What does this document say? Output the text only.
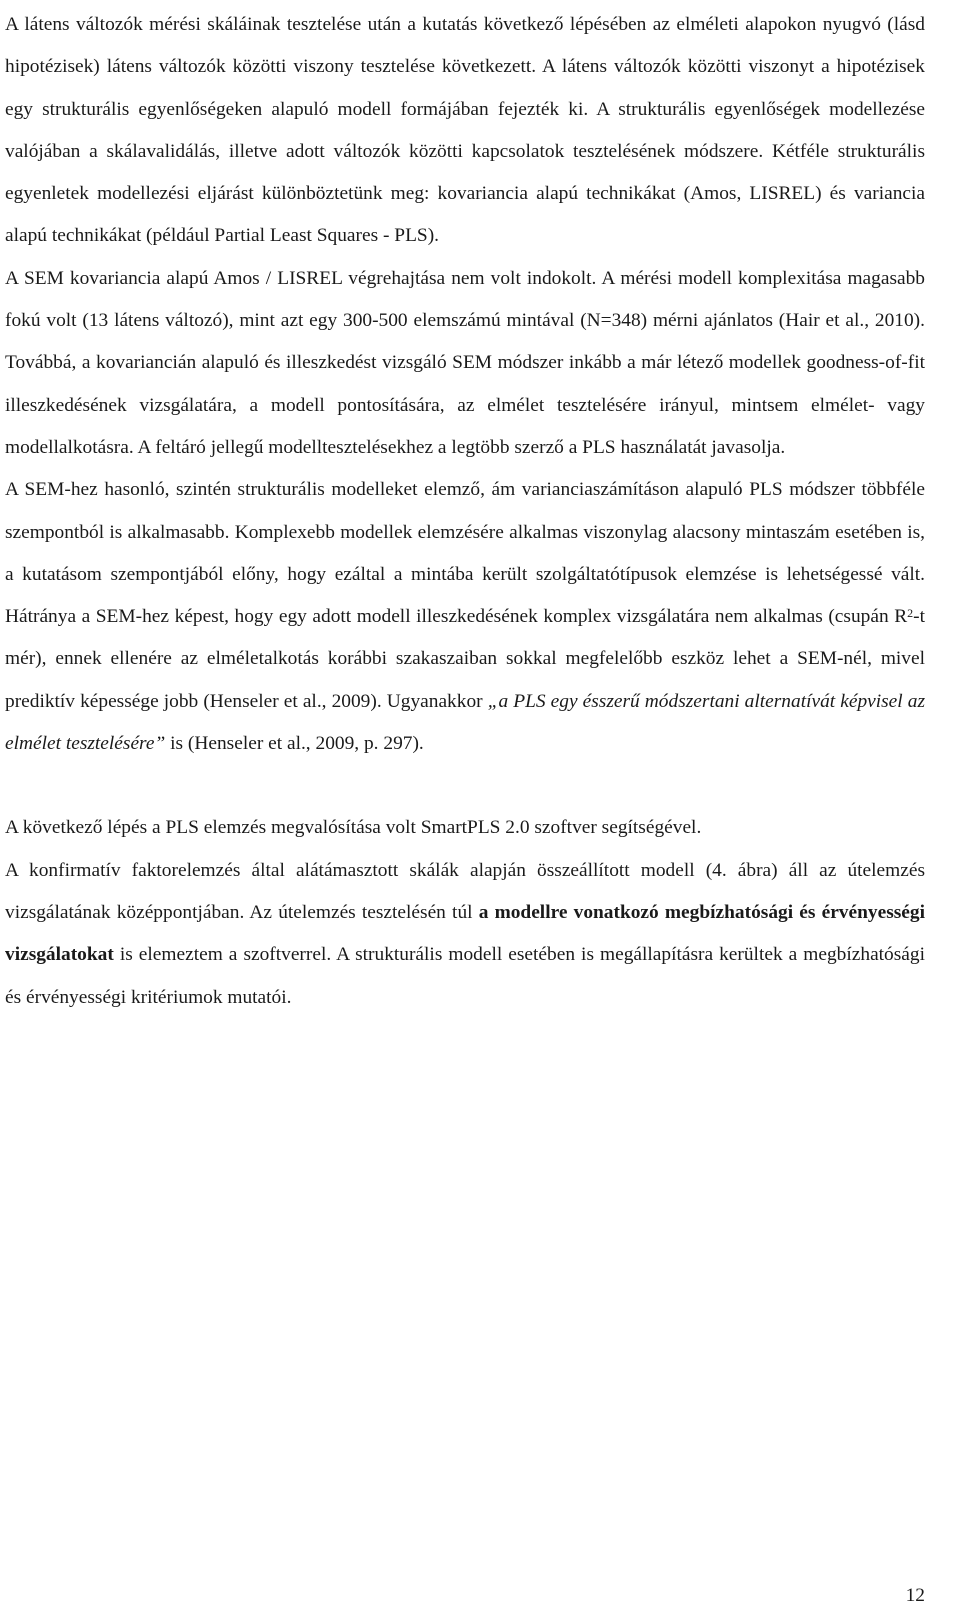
A látens változók mérési skáláinak tesztelése után a kutatás következő lépésében az elméleti alapokon nyugvó (lásd hipotézisek) látens változók közötti viszony tesztelése következett. A látens változók közötti viszonyt a hipotézisek egy strukturális egyenlőségeken alapuló modell formájában fejezték ki. A strukturális egyenlőségek modellezése valójában a skálavalidálás, illetve adott változók közötti kapcsolatok tesztelésének módszere. Kétféle strukturális egyenletek modellezési eljárást különböztetünk meg: kovariancia alapú technikákat (Amos, LISREL) és variancia alapú technikákat (például Partial Least Squares - PLS).

A SEM kovariancia alapú Amos / LISREL végrehajtása nem volt indokolt. A mérési modell komplexitása magasabb fokú volt (13 látens változó), mint azt egy 300-500 elemszámú mintával (N=348) mérni ajánlatos (Hair et al., 2010). Továbbá, a kovariancián alapuló és illeszkedést vizsgáló SEM módszer inkább a már létező modellek goodness-of-fit illeszkedésének vizsgálatára, a modell pontosítására, az elmélet tesztelésére irányul, mintsem elmélet- vagy modellalkotásra. A feltáró jellegű modelltesztelésekhez a legtöbb szerző a PLS használatát javasolja.

A SEM-hez hasonló, szintén strukturális modelleket elemző, ám varianciaszámításon alapuló PLS módszer többféle szempontból is alkalmasabb. Komplexebb modellek elemzésére alkalmas viszonylag alacsony mintaszám esetében is, a kutatásom szempontjából előny, hogy ezáltal a mintába került szolgáltatótípusok elemzése is lehetségessé vált. Hátránya a SEM-hez képest, hogy egy adott modell illeszkedésének komplex vizsgálatára nem alkalmas (csupán $R^2-t$ mér), ennek ellenére az elméletalkotás korábbi szakaszaiban sokkal megfelelőbb eszköz lehet a SEM-nél, mivel prediktív képessége jobb (Henseler et al., 2009). Ugyanakkor „a PLS egy ésszerű módszertani alternatívát képvisel az elmélet tesztelésére” is (Henseler et al., 2009, p. 297).

A következő lépés a PLS elemzés megvalósítása volt SmartPLS 2.0 szoftver segítségével.

A konfirmatív faktorelemzés által alátámasztott skálák alapján összeállított modell (4. ábra) áll az útelemzés vizsgálatának középpontjában. Az útelemzés tesztelésén túl a modellre vonatkozó megbízhatósági és érvényességi vizsgálatokat is elemeztem a szoftverrel. A strukturális modell esetében is megállapításra kerültek a megbízhatósági és érvényességi kritériumok mutatói.

12
